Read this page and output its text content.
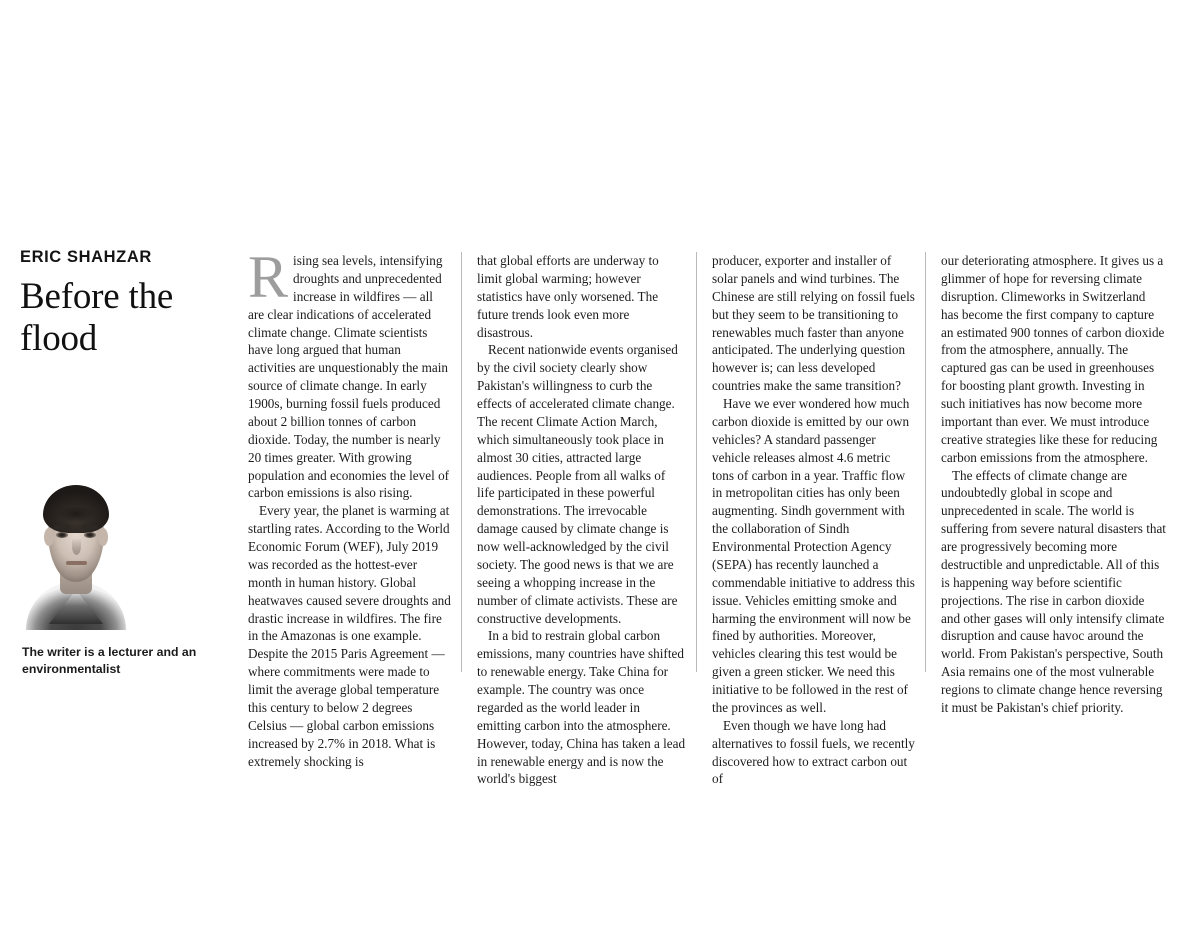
ERIC SHAHZAR
Before the flood
The writer is a lecturer and an environmentalist

Rising sea levels, intensifying droughts and unprecedented increase in wildfires — all are clear indications of accelerated climate change. Climate scientists have long argued that human activities are unquestionably the main source of climate change. In early 1900s, burning fossil fuels produced about 2 billion tonnes of carbon dioxide. Today, the number is nearly 20 times greater. With growing population and economies the level of carbon emissions is also rising.

Every year, the planet is warming at startling rates. According to the World Economic Forum (WEF), July 2019 was recorded as the hottest-ever month in human history. Global heatwaves caused severe droughts and drastic increase in wildfires. The fire in the Amazonas is one example. Despite the 2015 Paris Agreement — where commitments were made to limit the average global temperature this century to below 2 degrees Celsius — global carbon emissions increased by 2.7% in 2018. What is extremely shocking is

that global efforts are underway to limit global warming; however statistics have only worsened. The future trends look even more disastrous.

Recent nationwide events organised by the civil society clearly show Pakistan's willingness to curb the effects of accelerated climate change. The recent Climate Action March, which simultaneously took place in almost 30 cities, attracted large audiences. People from all walks of life participated in these powerful demonstrations. The irrevocable damage caused by climate change is now well-acknowledged by the civil society. The good news is that we are seeing a whopping increase in the number of climate activists. These are constructive developments.

In a bid to restrain global carbon emissions, many countries have shifted to renewable energy. Take China for example. The country was once regarded as the world leader in emitting carbon into the atmosphere. However, today, China has taken a lead in renewable energy and is now the world's biggest

producer, exporter and installer of solar panels and wind turbines. The Chinese are still relying on fossil fuels but they seem to be transitioning to renewables much faster than anyone anticipated. The underlying question however is; can less developed countries make the same transition?

Have we ever wondered how much carbon dioxide is emitted by our own vehicles? A standard passenger vehicle releases almost 4.6 metric tons of carbon in a year. Traffic flow in metropolitan cities has only been augmenting. Sindh government with the collaboration of Sindh Environmental Protection Agency (SEPA) has recently launched a commendable initiative to address this issue. Vehicles emitting smoke and harming the environment will now be fined by authorities. Moreover, vehicles clearing this test would be given a green sticker. We need this initiative to be followed in the rest of the provinces as well.

Even though we have long had alternatives to fossil fuels, we recently discovered how to extract carbon out of

our deteriorating atmosphere. It gives us a glimmer of hope for reversing climate disruption. Climeworks in Switzerland has become the first company to capture an estimated 900 tonnes of carbon dioxide from the atmosphere, annually. The captured gas can be used in greenhouses for boosting plant growth. Investing in such initiatives has now become more important than ever. We must introduce creative strategies like these for reducing carbon emissions from the atmosphere.

The effects of climate change are undoubtedly global in scope and unprecedented in scale. The world is suffering from severe natural disasters that are progressively becoming more destructible and unpredictable. All of this is happening way before scientific projections. The rise in carbon dioxide and other gases will only intensify climate disruption and cause havoc around the world. From Pakistan's perspective, South Asia remains one of the most vulnerable regions to climate change hence reversing it must be Pakistan's chief priority.
